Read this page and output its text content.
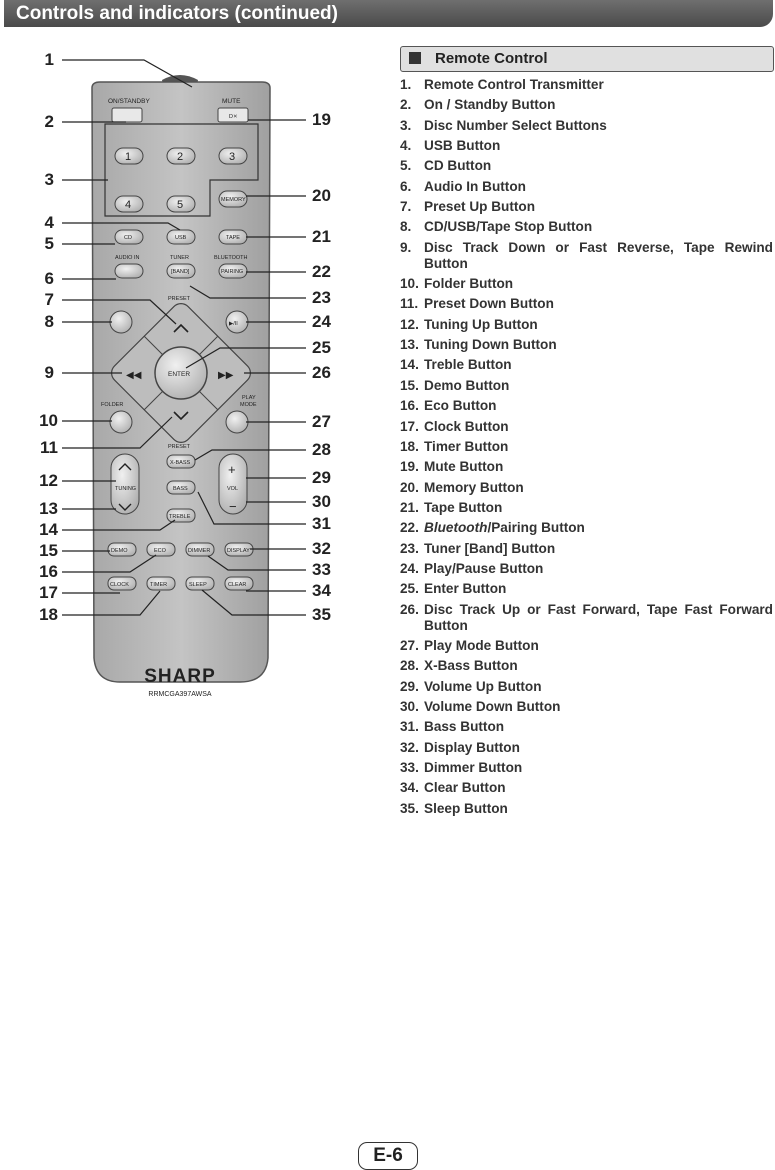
Controls and indicators (continued)
ON/STANDBY	MUTE
D⨯
1	2	3
4	5	MEMORY
CD	USB	TAPE
AUDIO IN	TUNER	BLUETOOTH
[BAND]	PAIRING
PRESET
ENTER
◀◀	▶▶
▶/II
FOLDER
PLAY
MODE
PRESET
TUNING	VOL
+
−
X-BASS
BASS
TREBLE
DEMO	ECO	DIMMER	DISPLAY
CLOCK	TIMER	SLEEP	CLEAR
SHARP
RRMCGA397AWSA
1
2
3
4
5
6
7
8
9
10
11
12
13
14
15
16
17
18
19
20
21
22
23
24
25
26
27
28
29
30
31
32
33
34
35
Remote Control
1. Remote Control Transmitter
2. On / Standby Button
3. Disc Number Select Buttons
4. USB Button
5. CD Button
6. Audio In Button
7. Preset Up Button
8. CD/USB/Tape Stop Button
9. Disc Track Down or Fast Reverse, Tape Rewind Button
10. Folder Button
11. Preset Down Button
12. Tuning Up Button
13. Tuning Down Button
14. Treble Button
15. Demo Button
16. Eco Button
17. Clock Button
18. Timer Button
19. Mute Button
20. Memory Button
21. Tape Button
22. Bluetooth/Pairing Button
23. Tuner [Band] Button
24. Play/Pause Button
25. Enter Button
26. Disc Track Up or Fast Forward, Tape Fast Forward Button
27. Play Mode Button
28. X-Bass Button
29. Volume Up Button
30. Volume Down Button
31. Bass Button
32. Display Button
33. Dimmer Button
34. Clear Button
35. Sleep Button
E-6
